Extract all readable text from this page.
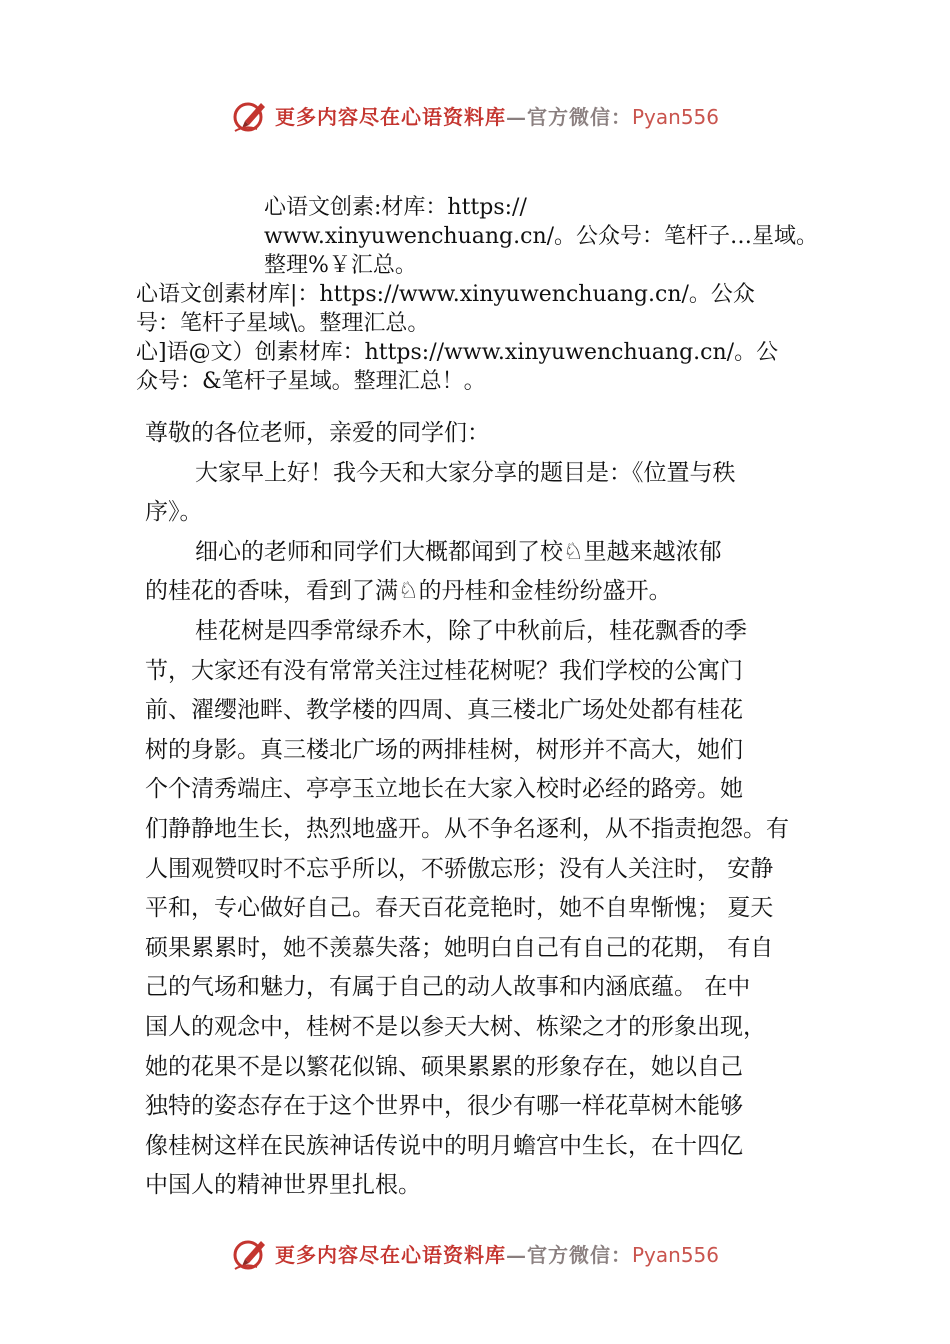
更多内容尽在心语资料库—官方微信：Pyan556
心语文创素:材库：https://
www.xinyuwenchuang.cn/。公众号：笔杆子…星域。
整理%￥汇总。
心语文创素材库|：https://www.xinyuwenchuang.cn/。公众
号：笔杆子星域\。整理汇总。
心]语@文）创素材库：https://www.xinyuwenchuang.cn/。公
众号：&笔杆子星域。整理汇总！。
尊敬的各位老师，亲爱的同学们：
大家早上好！我今天和大家分享的题目是：《位置与秩
序》。
细心的老师和同学们大概都闻到了校♘里越来越浓郁
的桂花的香味，看到了满♘的丹桂和金桂纷纷盛开。
桂花树是四季常绿乔木，除了中秋前后，桂花飘香的季
节，大家还有没有常常关注过桂花树呢？我们学校的公寓门
前、濯缨池畔、教学楼的四周、真三楼北广场处处都有桂花
树的身影。真三楼北广场的两排桂树，树形并不高大，她们
个个清秀端庄、亭亭玉立地长在大家入校时必经的路旁。她
们静静地生长，热烈地盛开。从不争名逐利，从不指责抱怨。有
人围观赞叹时不忘乎所以，不骄傲忘形；没有人关注时， 安静
平和，专心做好自己。春天百花竞艳时，她不自卑惭愧； 夏天
硕果累累时，她不羡慕失落；她明白自己有自己的花期， 有自
己的气场和魅力，有属于自己的动人故事和内涵底蕴。 在中
国人的观念中，桂树不是以参天大树、栋梁之才的形象出现，
她的花果不是以繁花似锦、硕果累累的形象存在，她以自己
独特的姿态存在于这个世界中，很少有哪一样花草树木能够
像桂树这样在民族神话传说中的明月蟾宫中生长，在十四亿
中国人的精神世界里扎根。
更多内容尽在心语资料库—官方微信：Pyan556
